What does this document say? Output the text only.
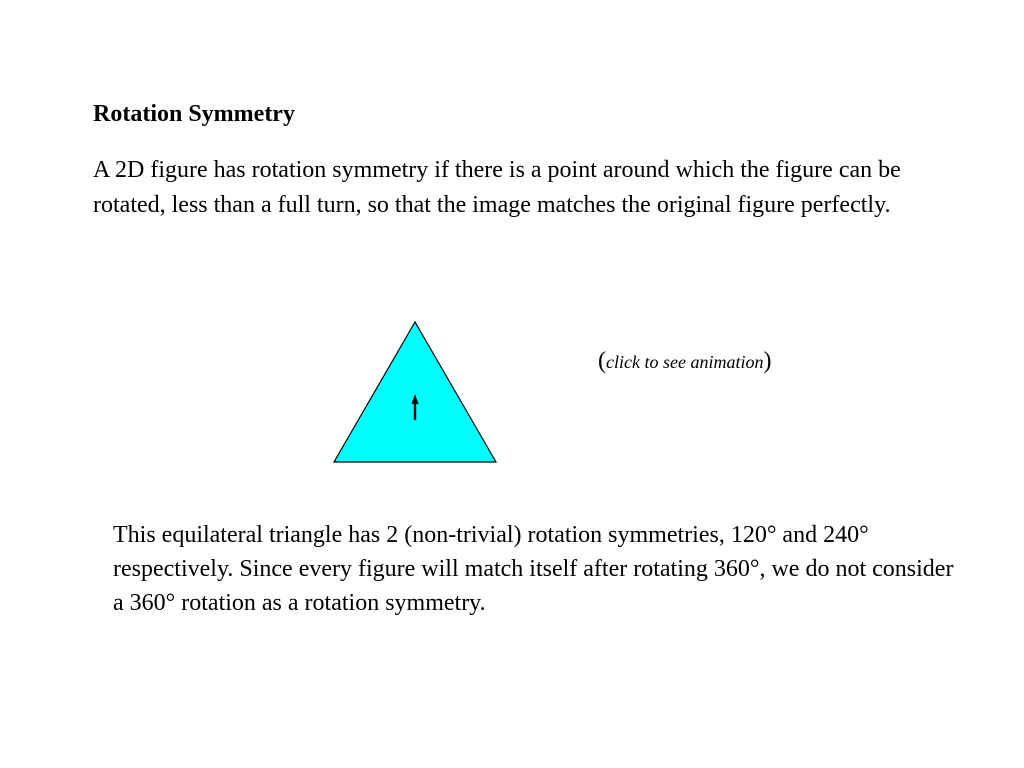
Rotation Symmetry
A 2D figure has rotation symmetry if there is a point around which the figure can be rotated, less than a full turn, so that the image matches the original figure perfectly.
(click to see animation)
This equilateral triangle has 2 (non-trivial) rotation symmetries, 120° and 240° respectively. Since every figure will match itself after rotating 360°, we do not consider a 360° rotation as a rotation symmetry.
